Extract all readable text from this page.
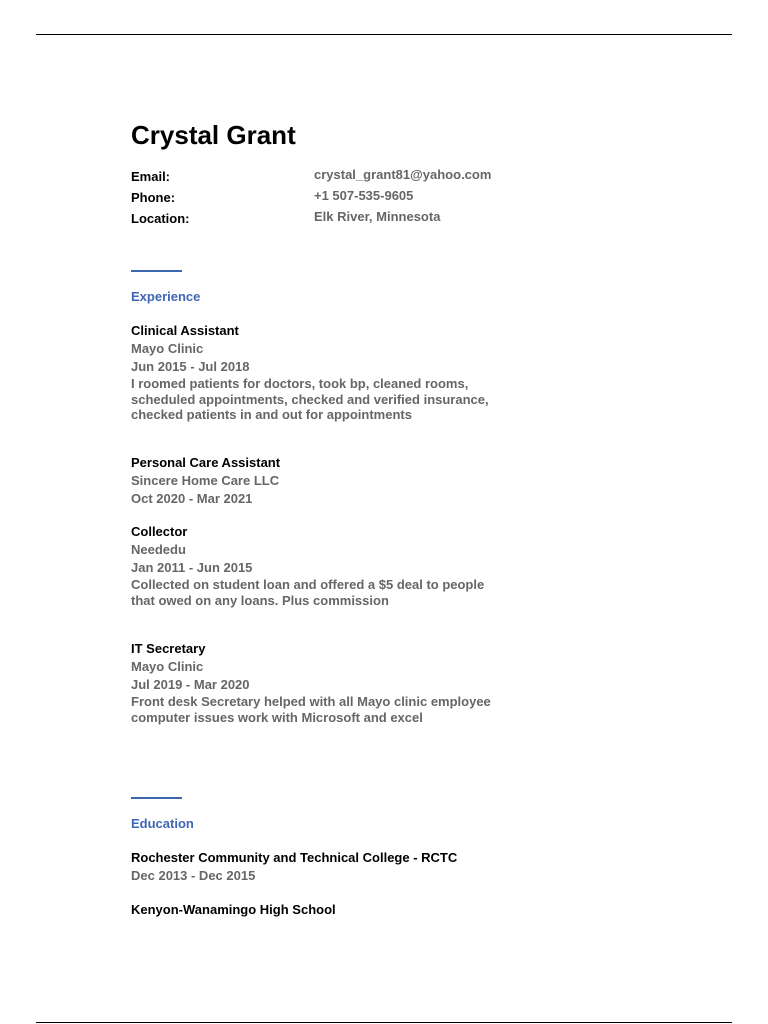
Crystal Grant
Email:	crystal_grant81@yahoo.com
Phone:	+1 507-535-9605
Location:	Elk River, Minnesota
Experience
Clinical Assistant
Mayo Clinic
Jun 2015 - Jul 2018
I roomed patients for doctors, took bp, cleaned rooms, scheduled appointments, checked and verified insurance, checked patients in and out for appointments
Personal Care Assistant
Sincere Home Care LLC
Oct 2020 - Mar 2021
Collector
Neededu
Jan 2011 - Jun 2015
Collected on student loan and offered a $5 deal to people that owed on any loans. Plus commission
IT Secretary
Mayo Clinic
Jul 2019 - Mar 2020
Front desk Secretary helped with all Mayo clinic employee computer issues work with Microsoft and excel
Education
Rochester Community and Technical College - RCTC
Dec 2013 - Dec 2015
Kenyon-Wanamingo High School
